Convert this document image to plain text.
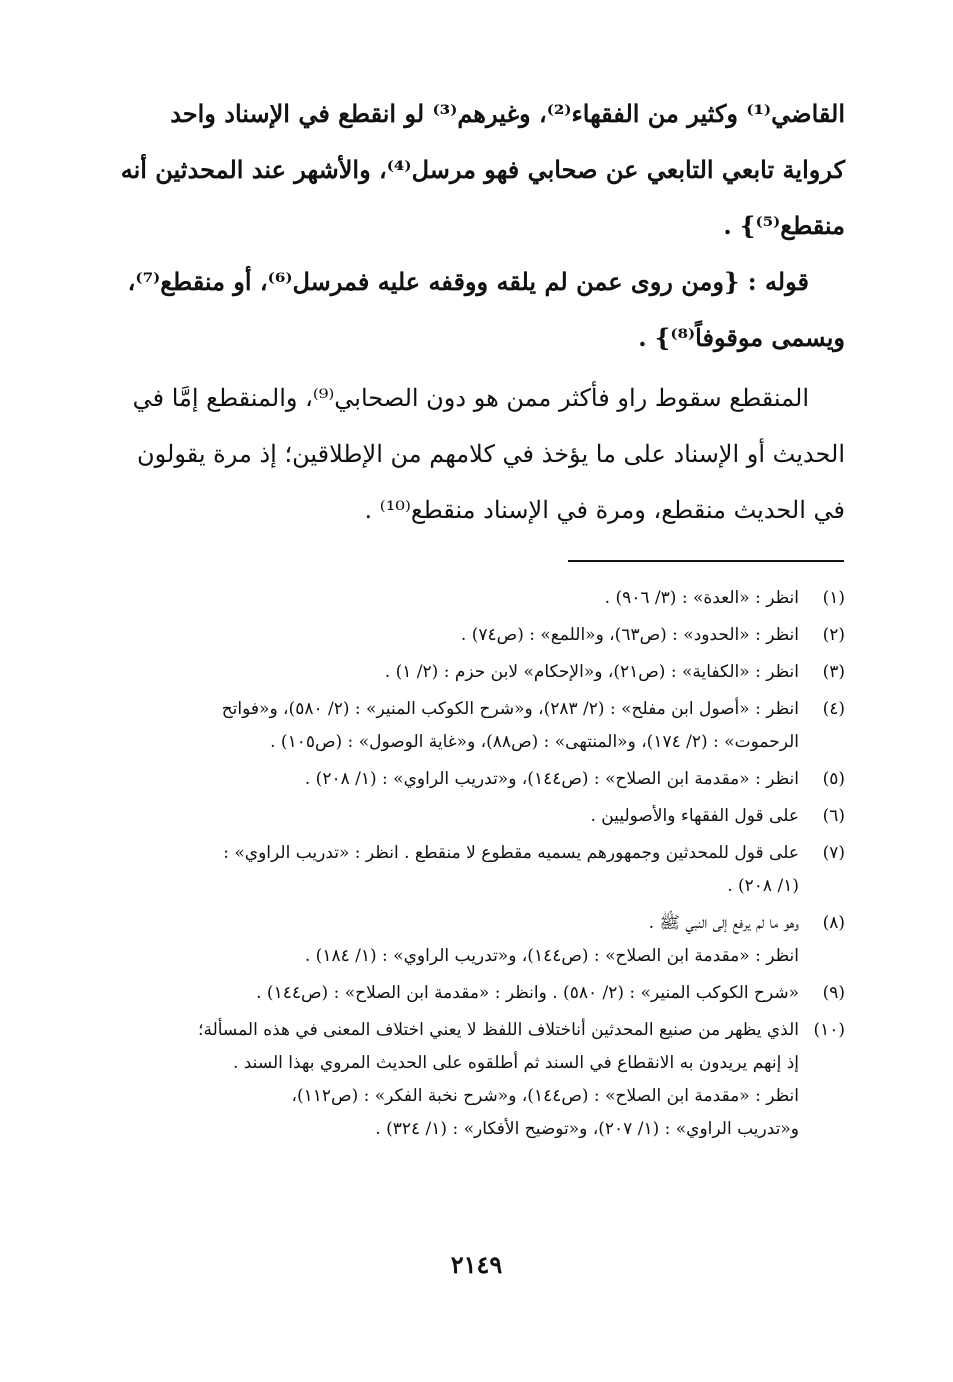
القاضي⁽¹⁾ وكثير من الفقهاء⁽²⁾، وغيرهم⁽³⁾ لو انقطع في الإسناد واحد
كرواية تابعي التابعي عن صحابي فهو مرسل⁽⁴⁾، والأشهر عند المحدثين أنه
منقطع⁽⁵⁾} .

قوله : {ومن روى عمن لم يلقه ووقفه عليه فمرسل⁽⁶⁾، أو منقطع⁽⁷⁾،
ويسمى موقوفاً⁽⁸⁾} .

المنقطع سقوط راو فأكثر ممن هو دون الصحابي⁽⁹⁾، والمنقطع إمَّا في
الحديث أو الإسناد على ما يؤخذ في كلامهم من الإطلاقين؛ إذ مرة يقولون
في الحديث منقطع، ومرة في الإسناد منقطع⁽¹⁰⁾ .

(١)
انظر : «العدة» : (٣/ ٩٠٦) .
(٢)
انظر : «الحدود» : (ص٦٣)، و«اللمع» : (ص٧٤) .
(٣)
انظر : «الكفاية» : (ص٢١)، و«الإحكام» لابن حزم : (٢/ ١) .
(٤)
انظر : «أصول ابن مفلح» : (٢/ ٢٨٣)، و«شرح الكوكب المنير» : (٢/ ٥٨٠)، و«فواتح
الرحموت» : (٢/ ١٧٤)، و«المنتهى» : (ص٨٨)، و«غاية الوصول» : (ص١٠٥) .
(٥)
انظر : «مقدمة ابن الصلاح» : (ص١٤٤)، و«تدريب الراوي» : (١/ ٢٠٨) .
(٦)
على قول الفقهاء والأصوليين .
(٧)
على قول للمحدثين وجمهورهم يسميه مقطوع لا منقطع . انظر : «تدريب الراوي» :
(١/ ٢٠٨) .
(٨)
وهو ما لم يرفع إلى النبي ﷺ .
انظر : «مقدمة ابن الصلاح» : (ص١٤٤)، و«تدريب الراوي» : (١/ ١٨٤) .
(٩)
«شرح الكوكب المنير» : (٢/ ٥٨٠) . وانظر : «مقدمة ابن الصلاح» : (ص١٤٤) .
(١٠)
الذي يظهر من صنيع المحدثين أناختلاف اللفظ لا يعني اختلاف المعنى في هذه المسألة؛
إذ إنهم يريدون به الانقطاع في السند ثم أطلقوه على الحديث المروي بهذا السند .
انظر : «مقدمة ابن الصلاح» : (ص١٤٤)، و«شرح نخبة الفكر» : (ص١١٢)،
و«تدريب الراوي» : (١/ ٢٠٧)، و«توضيح الأفكار» : (١/ ٣٢٤) .
٢١٤٩
